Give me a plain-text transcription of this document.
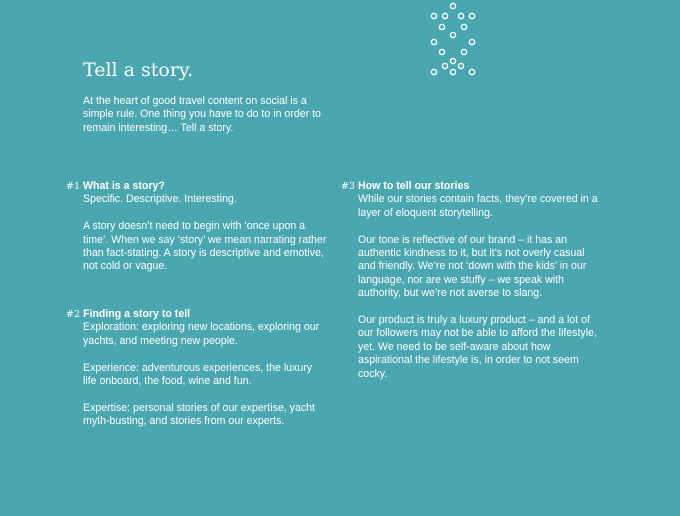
Tell a story.

At the heart of good travel content on social is a simple rule. One thing you have to do to in order to remain interesting… Tell a story.

#1 What is a story?

Specific. Descriptive. Interesting.

A story doesn’t need to begin with ‘once upon a time’. When we say ‘story’ we mean narrating rather than fact-stating. A story is descriptive and emotive, not cold or vague.

#2 Finding a story to tell

Exploration: exploring new locations, exploring our yachts, and meeting new people.

Experience: adventurous experiences, the luxury life onboard, the food, wine and fun.

Expertise: personal stories of our expertise, yacht myth-busting, and stories from our experts.

#3 How to tell our stories

While our stories contain facts, they’re covered in a layer of eloquent storytelling.

Our tone is reflective of our brand – it has an authentic kindness to it, but it’s not overly casual and friendly. We’re not ‘down with the kids’ in our language, nor are we stuffy – we speak with authority, but we’re not averse to slang.

Our product is truly a luxury product – and a lot of our followers may not be able to afford the lifestyle, yet. We need to be self-aware about how aspirational the lifestyle is, in order to not seem cocky.
